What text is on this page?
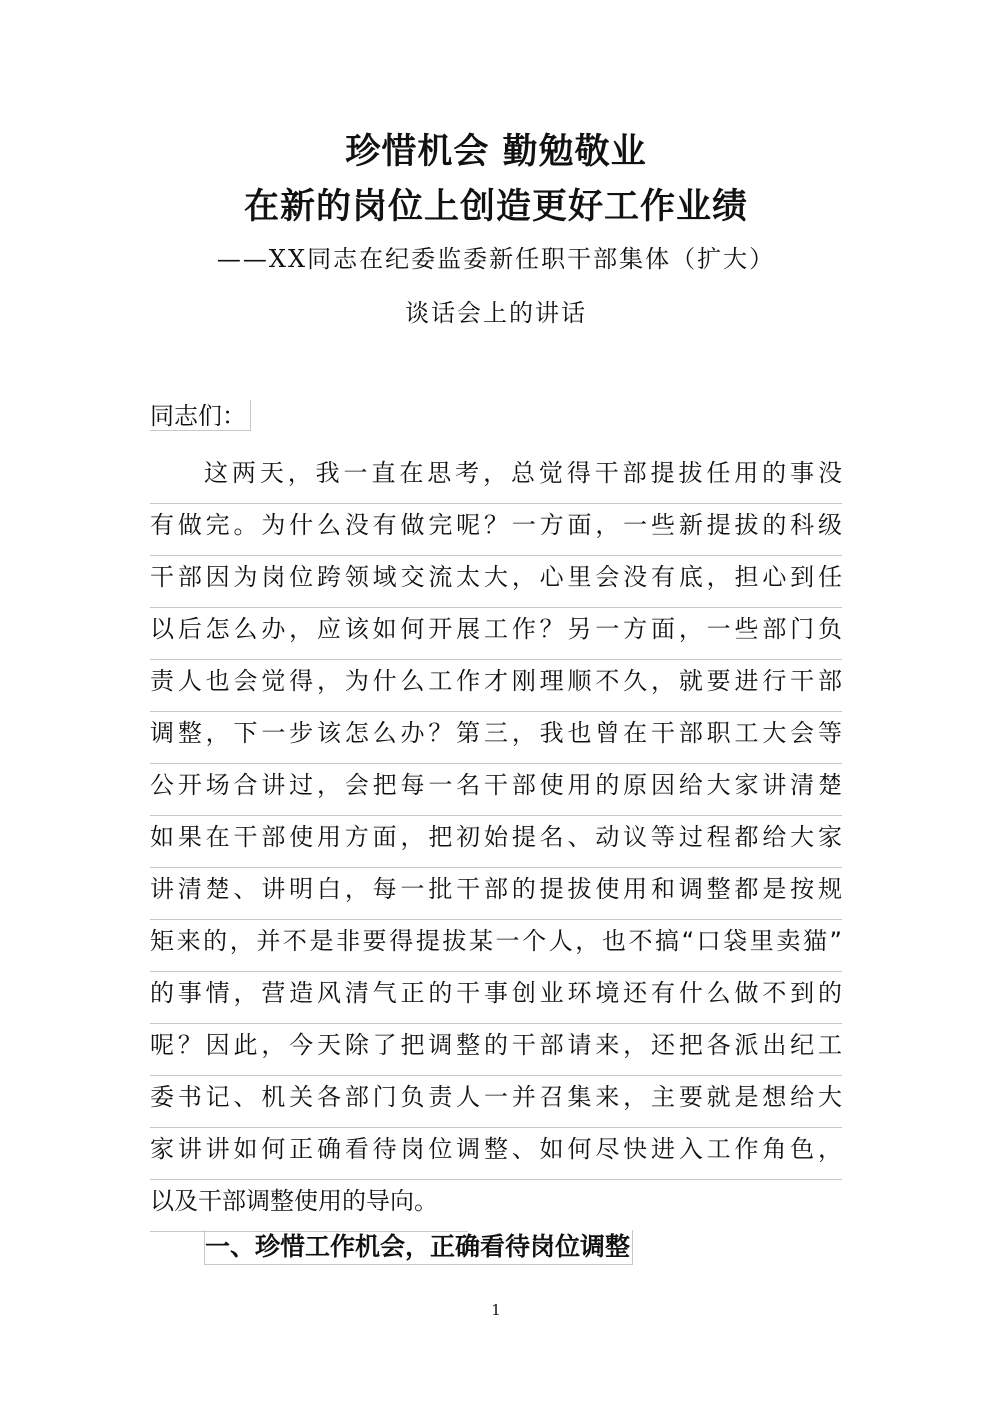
珍惜机会 勤勉敬业
在新的岗位上创造更好工作业绩
——XX同志在纪委监委新任职干部集体（扩大）
谈话会上的讲话
同志们：
这两天，我一直在思考，总觉得干部提拔任用的事没
有做完。为什么没有做完呢？一方面，一些新提拔的科级
干部因为岗位跨领域交流太大，心里会没有底，担心到任
以后怎么办，应该如何开展工作？另一方面，一些部门负
责人也会觉得，为什么工作才刚理顺不久，就要进行干部
调整，下一步该怎么办？第三，我也曾在干部职工大会等
公开场合讲过，会把每一名干部使用的原因给大家讲清楚
如果在干部使用方面，把初始提名、动议等过程都给大家
讲清楚、讲明白，每一批干部的提拔使用和调整都是按规
矩来的，并不是非要得提拔某一个人，也不搞“口袋里卖猫”
的事情，营造风清气正的干事创业环境还有什么做不到的
呢？因此，今天除了把调整的干部请来，还把各派出纪工
委书记、机关各部门负责人一并召集来，主要就是想给大
家讲讲如何正确看待岗位调整、如何尽快进入工作角色，
以及干部调整使用的导向。
一、珍惜工作机会，正确看待岗位调整
1
